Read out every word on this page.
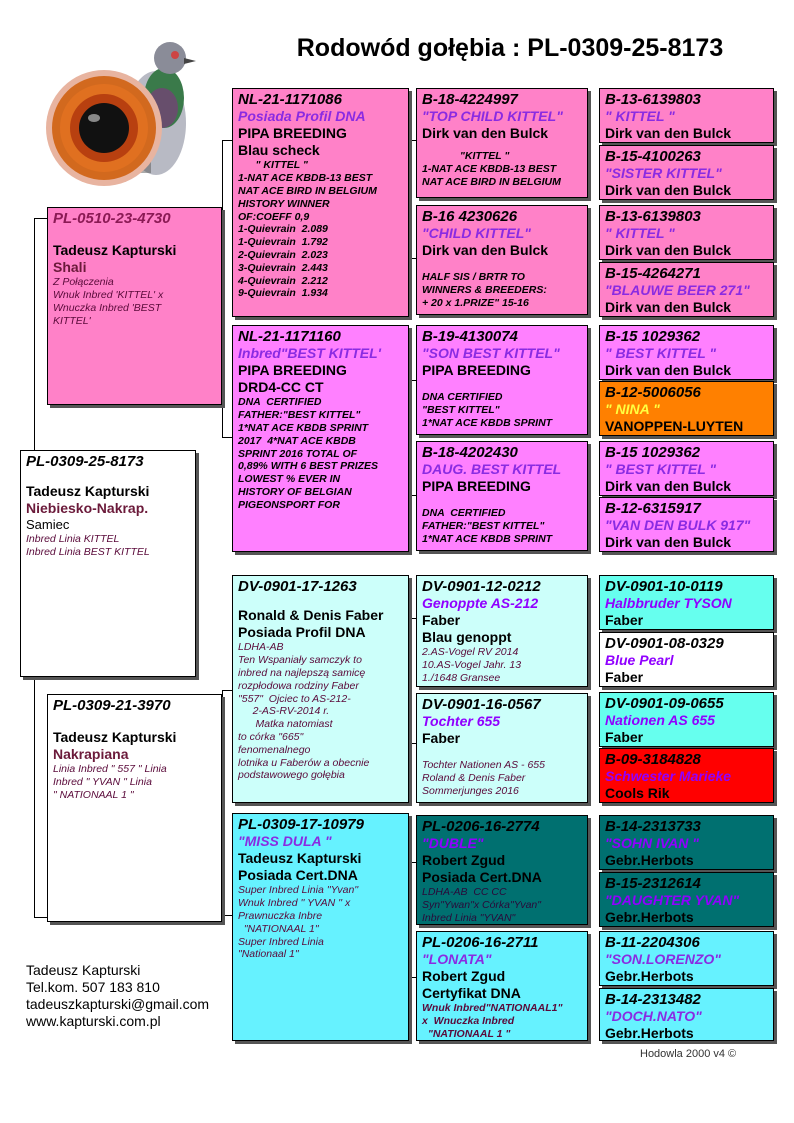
Rodowód gołębia : PL-0309-25-8173
PL-0309-25-8173
Tadeusz Kapturski
Niebiesko-Nakrap.
Samiec
Inbred Linia KITTEL
Inbred Linia BEST KITTEL
PL-0510-23-4730
Tadeusz Kapturski
Shali
Z Połączenia
Wnuk Inbred 'KITTEL' x
Wnuczka Inbred 'BEST
KITTEL'
PL-0309-21-3970
Tadeusz Kapturski
Nakrapiana
Linia Inbred " 557 " Linia
Inbred " YVAN " Linia
" NATIONAAL 1 "
NL-21-1171086
Posiada Profil DNA
PIPA BREEDING
Blau scheck
" KITTEL "
1-NAT ACE KBDB-13 BEST
NAT ACE BIRD IN BELGIUM
HISTORY WINNER
OF:COEFF 0,9
1-Quievrain  2.089
1-Quievrain  1.792
2-Quievrain  2.023
3-Quievrain  2.443
4-Quievrain  2.212
9-Quievrain  1.934
NL-21-1171160
Inbred"BEST KITTEL'
PIPA BREEDING
DRD4-CC CT
DNA  CERTIFIED
FATHER:"BEST KITTEL"
1*NAT ACE KBDB SPRINT
2017  4*NAT ACE KBDB
SPRINT 2016 TOTAL OF
0,89% WITH 6 BEST PRIZES
LOWEST % EVER IN
HISTORY OF BELGIAN
PIGEONSPORT FOR
DV-0901-17-1263
Ronald & Denis Faber
Posiada Profil DNA
LDHA-AB
Ten Wspaniały samczyk to
inbred na najlepszą samicę
rozpłodowa rodziny Faber
"557"  Ojciec to AS-212-
2-AS-RV-2014 r.
Matka natomiast
to córka "665"
fenomenalnego
lotnika u Faberów a obecnie
podstawowego gołębia
PL-0309-17-10979
"MISS DULA "
Tadeusz Kapturski
Posiada Cert.DNA
Super Inbred Linia ''Yvan''
Wnuk Inbred '' YVAN '' x
Prawnuczka Inbre
"NATIONAAL 1"
Super Inbred Linia
"Nationaal 1"
B-18-4224997
"TOP CHILD KITTEL"
Dirk van den Bulck
"KITTEL "
1-NAT ACE KBDB-13 BEST
NAT ACE BIRD IN BELGIUM
B-16 4230626
"CHILD KITTEL"
Dirk van den Bulck
HALF SIS / BRTR TO
WINNERS & BREEDERS:
+ 20 x 1.PRIZE" 15-16
B-19-4130074
"SON BEST KITTEL"
PIPA BREEDING
DNA CERTIFIED
"BEST KITTEL"
1*NAT ACE KBDB SPRINT
B-18-4202430
DAUG. BEST KITTEL
PIPA BREEDING
DNA  CERTIFIED
FATHER:"BEST KITTEL"
1*NAT ACE KBDB SPRINT
DV-0901-12-0212
Genoppte AS-212
Faber
Blau genoppt
2.AS-Vogel RV 2014
10.AS-Vogel Jahr. 13
1./1648 Gransee
DV-0901-16-0567
Tochter 655
Faber
Tochter Nationen AS - 655
Roland & Denis Faber
Sommerjunges 2016
PL-0206-16-2774
"DUBLE"
Robert Zgud
Posiada Cert.DNA
LDHA-AB  CC CC
Syn"Ywan"x Córka"Yvan"
Inbred Linia "YVAN"
PL-0206-16-2711
"LONATA"
Robert Zgud
Certyfikat DNA
Wnuk Inbred"NATIONAAL1"
x  Wnuczka Inbred
"NATIONAAL 1 "
B-13-6139803
" KITTEL "
Dirk van den Bulck
B-15-4100263
"SISTER KITTEL"
Dirk van den Bulck
B-13-6139803
" KITTEL "
Dirk van den Bulck
B-15-4264271
"BLAUWE BEER 271"
Dirk van den Bulck
B-15 1029362
" BEST KITTEL "
Dirk van den Bulck
B-12-5006056
" NINA "
VANOPPEN-LUYTEN
B-15 1029362
" BEST KITTEL "
Dirk van den Bulck
B-12-6315917
"VAN DEN BULK 917"
Dirk van den Bulck
DV-0901-10-0119
Halbbruder TYSON
Faber
DV-0901-08-0329
Blue Pearl
Faber
DV-0901-09-0655
Nationen AS 655
Faber
B-09-3184828
Schwester Marieke
Cools Rik
B-14-2313733
"SOHN IVAN "
Gebr.Herbots
B-15-2312614
"DAUGHTER YVAN"
Gebr.Herbots
B-11-2204306
"SON.LORENZO"
Gebr.Herbots
B-14-2313482
"DOCH.NATO"
Gebr.Herbots
Tadeusz Kapturski
Tel.kom. 507 183 810
tadeuszkapturski@gmail.com
www.kapturski.com.pl
Hodowla 2000 v4 ©
